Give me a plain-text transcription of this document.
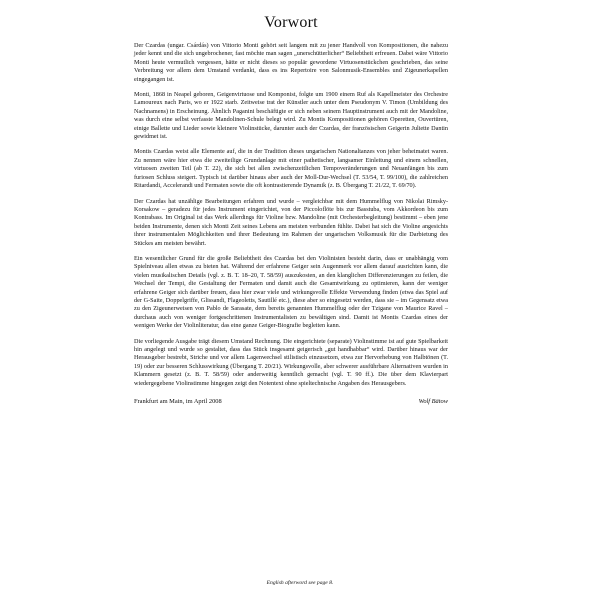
Vorwort

Der Czardas (ungar. Csárdás) von Vittorio Monti gehört seit langem mit zu jener Handvoll von Kompositionen, die nahezu jeder kennt und die sich ungebrochener, fast möchte man sagen „unerschütterlicher“ Beliebtheit erfreuen. Dabei wäre Vittorio Monti heute vermutlich vergessen, hätte er nicht dieses so populär gewordene Virtuosenstückchen geschrieben, das seine Verbreitung vor allem dem Umstand verdankt, dass es ins Repertoire von Salonmusik-Ensembles und Zigeunerkapellen eingegangen ist.

Monti, 1868 in Neapel geboren, Geigenvirtuose und Komponist, folgte um 1900 einem Ruf als Kapellmeister des Orchestre Lamoureux nach Paris, wo er 1922 starb. Zeitweise trat der Künstler auch unter dem Pseudonym V. Timon (Umbildung des Nachnamens) in Erscheinung. Ähnlich Paganini beschäftigte er sich neben seinem Hauptinstrument auch mit der Mandoline, was durch eine selbst verfasste Mandolinen-Schule belegt wird. Zu Montis Kompositionen gehören Operetten, Ouvertüren, einige Ballette und Lieder sowie kleinere Violinstücke, darunter auch der Czardas, der französischen Geigerin Juliette Dantin gewidmet ist.

Montis Czardas weist alle Elemente auf, die in der Tradition dieses ungarischen Nationaltanzes von jeher beheimatet waren. Zu nennen wäre hier etwa die zweiteilige Grundanlage mit einer pathetischer, langsamer Einleitung und einem schnellen, virtuosen zweiten Teil (ab T. 22), die sich bei allen zwischenzeitlichen Tempoveränderungen und Neuanfängen bis zum furiosen Schluss steigert. Typisch ist darüber hinaus aber auch der Moll-Dur-Wechsel (T. 53/54, T. 99/100), die zahlreichen Ritardandi, Accelerandi und Fermaten sowie die oft kontrastierende Dynamik (z. B. Übergang T. 21/22, T. 69/70).

Der Czardas hat unzählige Bearbeitungen erfahren und wurde – vergleichbar mit dem Hummelflug von Nikolai Rimsky-Korsakow – geradezu für jedes Instrument eingerichtet, von der Piccoloflöte bis zur Basstuba, vom Akkordeon bis zum Kontrabass. Im Original ist das Werk allerdings für Violine bzw. Mandoline (mit Orchesterbegleitung) bestimmt – eben jene beiden Instrumente, denen sich Monti Zeit seines Lebens am meisten verbunden fühlte. Dabei hat sich die Violine angesichts ihrer instrumentalen Möglichkeiten und ihrer Bedeutung im Rahmen der ungarischen Volksmusik für die Darbietung des Stückes am meisten bewährt.

Ein wesentlicher Grund für die große Beliebtheit des Czardas bei den Violinisten besteht darin, dass er unabhängig vom Spielniveau allen etwas zu bieten hat. Während der erfahrene Geiger sein Augenmerk vor allem darauf ausrichten kann, die vielen musikalischen Details (vgl. z. B. T. 18–20, T. 58/59) auszukosten, an den klanglichen Differenzierungen zu feilen, die Wechsel der Tempi, die Gestaltung der Fermaten und damit auch die Gesamtwirkung zu optimieren, kann der weniger erfahrene Geiger sich darüber freuen, dass hier zwar viele und wirkungsvolle Effekte Verwendung finden (etwa das Spiel auf der G-Saite, Doppelgriffe, Glissandi, Flageoletts, Sautillé etc.), diese aber so eingesetzt werden, dass sie – im Gegensatz etwa zu den Zigeunerweisen von Pablo de Sarasate, dem bereits genannten Hummelflug oder der Tzigane von Maurice Ravel – durchaus auch von weniger fortgeschrittenen Instrumentalisten zu bewältigen sind. Damit ist Montis Czardas eines der wenigen Werke der Violinliteratur, das eine ganze Geiger-Biografie begleiten kann.

Die vorliegende Ausgabe trägt diesem Umstand Rechnung. Die eingerichtete (separate) Violinstimme ist auf gute Spielbarkeit hin angelegt und wurde so gestaltet, dass das Stück insgesamt geigerisch „gut handhabbar“ wird. Darüber hinaus war der Herausgeber bestrebt, Striche und vor allem Lagenwechsel stilistisch einzusetzen, etwa zur Hervorhebung von Halbtönen (T. 19) oder zur besseren Schlusswirkung (Übergang T. 20/21). Wirkungsvolle, aber schwerer ausführbare Alternativen wurden in Klammern gesetzt (z. B. T. 58/59) oder anderweitig kenntlich gemacht (vgl. T. 90 ff.). Die über dem Klavierpart wiedergegebene Violinstimme hingegen zeigt den Notentext ohne spieltechnische Angaben des Herausgebers.

Frankfurt am Main, im April 2008	Wolf Bätow
English afterword see page 8.
